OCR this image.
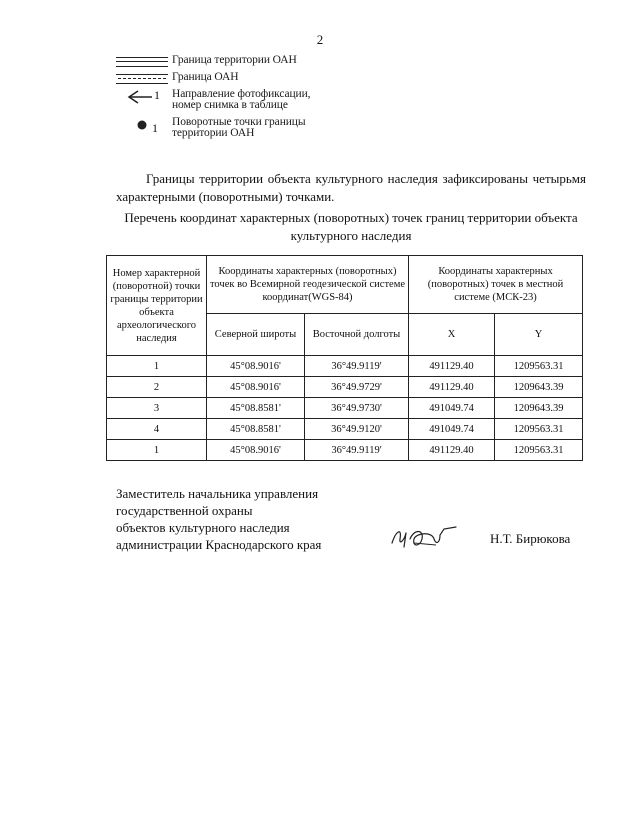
2
Граница территории ОАН
Граница ОАН
1 Направление фотофиксации,
номер снимка в таблице
1 Поворотные точки границы
территории ОАН
Границы территории объекта культурного наследия зафиксированы четырьмя характерными (поворотными) точками.
Перечень координат характерных (поворотных) точек границ территории объекта культурного наследия
Номер характерной (поворотной) точки границы территории объекта археологического наследия	Координаты характерных (поворотных) точек во Всемирной геодезической системе координат(WGS-84)		Координаты характерных (поворотных) точек в местной системе (МСК-23)	
	Северной широты	Восточной долготы	X	Y
1	45°08.9016'	36°49.9119'	491129.40	1209563.31
2	45°08.9016'	36°49.9729'	491129.40	1209643.39
3	45°08.8581'	36°49.9730'	491049.74	1209643.39
4	45°08.8581'	36°49.9120'	491049.74	1209563.31
1	45°08.9016'	36°49.9119'	491129.40	1209563.31
Заместитель начальника управления
государственной охраны
объектов культурного наследия
администрации Краснодарского края	Н.Т. Бирюкова
